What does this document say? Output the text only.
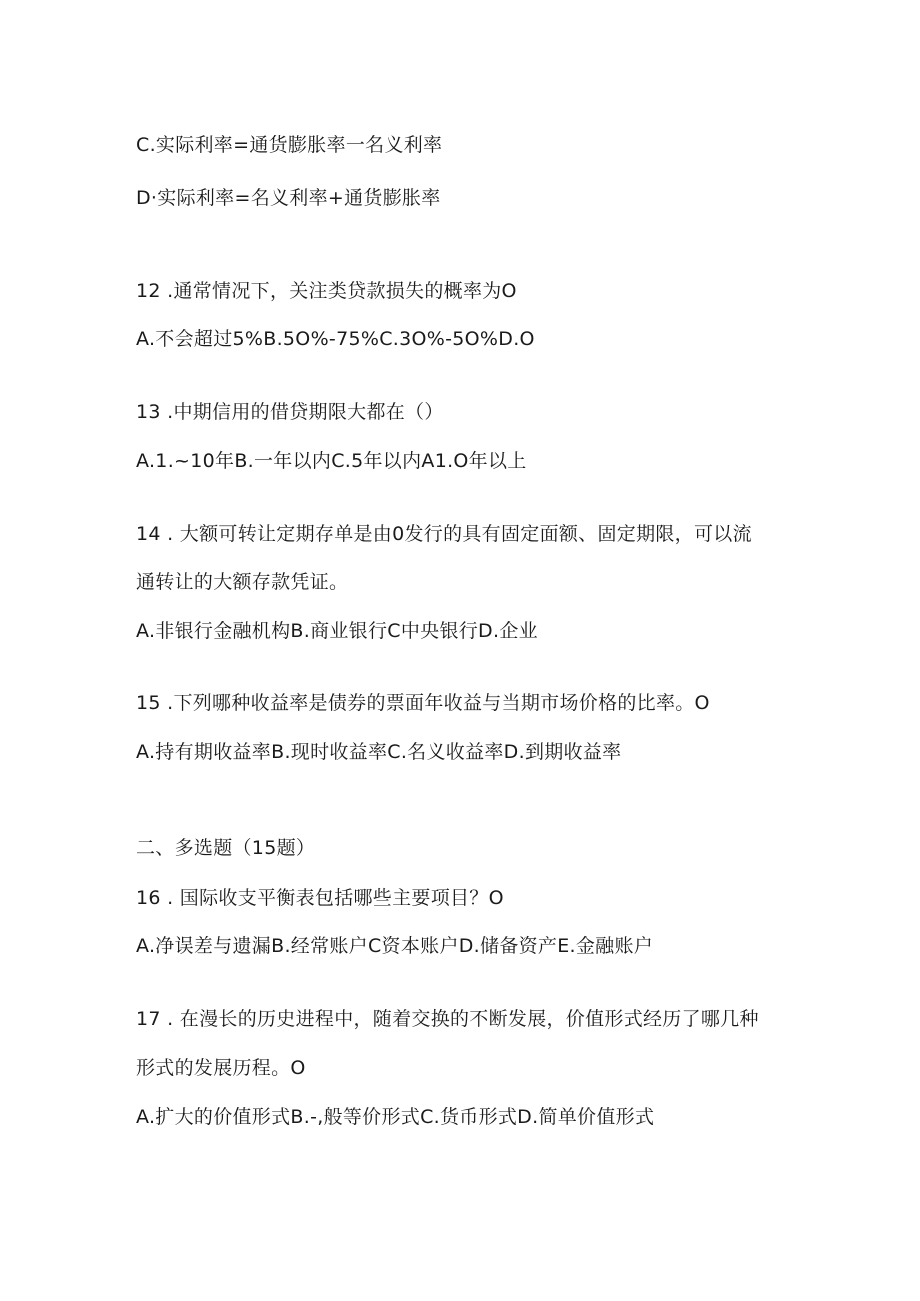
C.实际利率=通货膨胀率一名义利率
D·实际利率=名义利率+通货膨胀率
12 .通常情况下，关注类贷款损失的概率为O
A.不会超过5%B.5O%-75%C.3O%-5O%D.O
13 .中期信用的借贷期限大都在（）
A.1.~10年B.一年以内C.5年以内A1.O年以上
14 . 大额可转让定期存单是由0发行的具有固定面额、固定期限，可以流
通转让的大额存款凭证。
A.非银行金融机构B.商业银行C中央银行D.企业
15 .下列哪种收益率是债券的票面年收益与当期市场价格的比率。O
A.持有期收益率B.现时收益率C.名义收益率D.到期收益率
二、多选题（15题）
16 . 国际收支平衡表包括哪些主要项目？O
A.净误差与遗漏B.经常账户C资本账户D.储备资产E.金融账户
17 . 在漫长的历史进程中，随着交换的不断发展，价值形式经历了哪几种
形式的发展历程。O
A.扩大的价值形式B.-,般等价形式C.货币形式D.简单价值形式
